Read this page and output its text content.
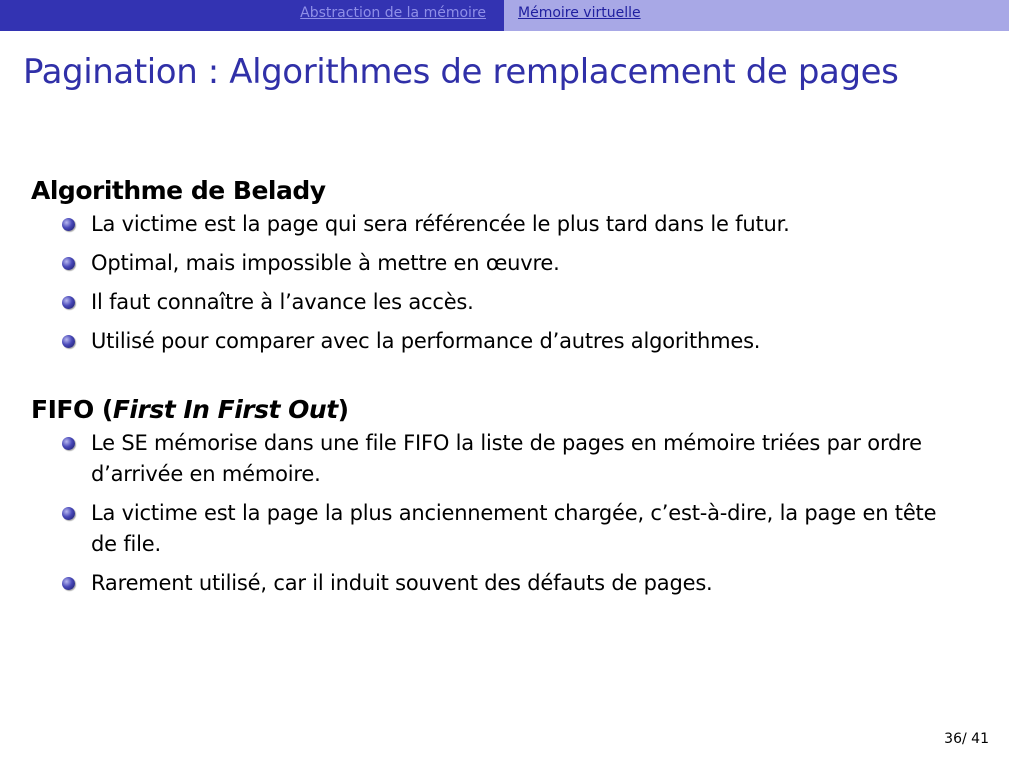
Abstraction de la mémoire Mémoire virtuelle
Pagination : Algorithmes de remplacement de pages
Algorithme de Belady
La victime est la page qui sera référencée le plus tard dans le futur.
Optimal, mais impossible à mettre en œuvre.
Il faut connaître à l’avance les accès.
Utilisé pour comparer avec la performance d’autres algorithmes.
FIFO (First In First Out)
Le SE mémorise dans une file FIFO la liste de pages en mémoire triées par ordre d’arrivée en mémoire.
La victime est la page la plus anciennement chargée, c’est-à-dire, la page en tête de file.
Rarement utilisé, car il induit souvent des défauts de pages.
36/ 41
